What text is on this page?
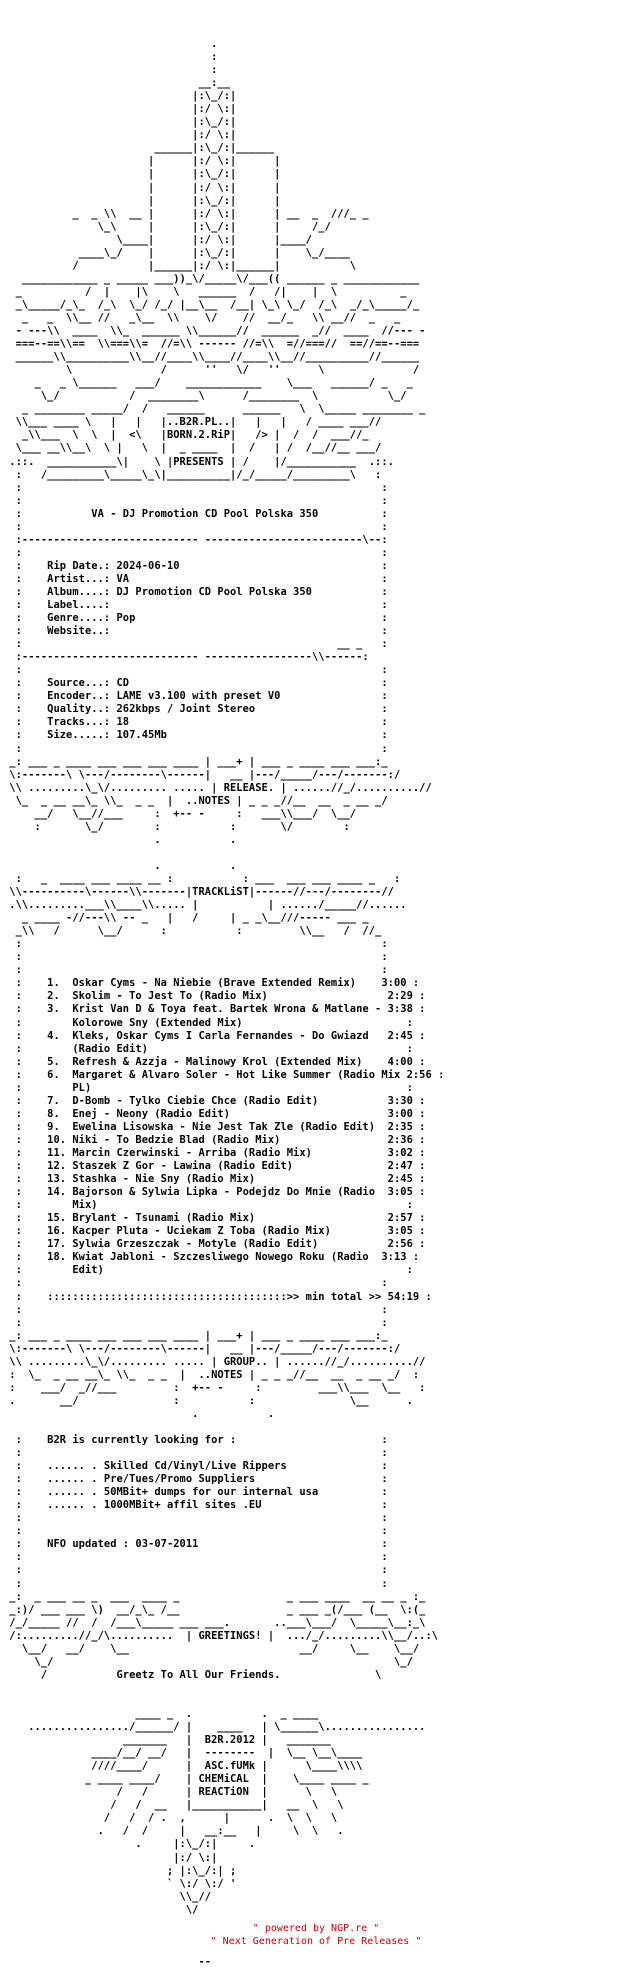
.
:
:
__:__
|:\_/:|
|:/ \:|
|:\_/:|
|:/ \:|
______|:\_/:|______
|      |:/ \:|      |
|      |:\_/:|      |
|      |:/ \:|      |
|      |:\_/:|      |
_  _ \\  __ |      |:/ \:|      | __  _  ///_ _
\_\     |      |:\_/:|      |     /_/
\____|      |:/ \:|      |____/
____\_/    |      |:\_/:|      |    \_/____
/           |______|:/ \:|______|           \
____________ _ _____ ___))_\/_____\/___(( ______ _ ____________
_          /  |    |\    \   ______  /   /|    |  \          _
_\_____/_\_  /_\  \_/ /_/ |__\__  /__| \_\ \_/  /_\  _/_\_____/_
_   _  \\__ //   _\__  \\    \/    //  __/_   \\ __//  _   _
- ---\\  ____  \\_  ______ \\______//  ______  _//  ____  //--- -
===--==\\==  \\===\\=  //=\\ ------ //=\\  =//===//  ==//==--===
______\\__________\\__//____\\____//____\\__//__________//______
\              /      ''   \/   ''      \              /
_   _ \______   ___/    ____________    \___   ______/ _   _
\_/           /  ________\      /________  \           \_/
_ ________ _____/  /   ______      ______   \  \_____ ________ _
\\___ ____ \   |   |   |..B2R.PL..|   |   |   / ____ ___//
_\\___  \  \  |  <\   |BORN.2.RiP|   /> |  /  /  ___//_
\___ __\\__\  \ |   \  |  _ ____  |  /   | /  /__//__ ___/
.::.  ___________\|    \ |PRESENTS | /    |/___________  .::.
:   /_________\_____\_\|__________|/_/_____/_________\   :
:                                                         :
:                                                         :
:           VA - DJ Promotion CD Pool Polska 350          :
:                                                         :
:---------------------------- -------------------------\--:
:                                                         :
:    Rip Date.: 2024-06-10                                :
:    Artist...: VA                                        :
:    Album....: DJ Promotion CD Pool Polska 350           :
:    Label....:                                           :
:    Genre....: Pop                                       :
:    Website..:                                           :
:                                                  __ _   :
:---------------------------- -----------------\\------:
:                                                         :
:    Source...: CD                                        :
:    Encoder..: LAME v3.100 with preset V0                :
:    Quality..: 262kbps / Joint Stereo                    :
:    Tracks...: 18                                        :
:    Size.....: 107.45Mb                                  :
:                                                         :
_: ___ _ ____ ___ ___ ___ ____ | ___+ | ___ _ ____ ___ ___:_
\:-------\ \---/--------\------|   __ |---/_____/---/-------:/
\\ .........\_\/......... ..... | RELEASE. | ......//_/..........//
\_  _ __ __\_ \\_  _ _  |  ..NOTES | _ _ _//__  __  _ __ _/
__/   \__//___     :  +-- -     :   ___\\___/  \__/
:       \_/        :           :       \/        :
.           .

.           .
:   _  ____ ___ ____ __ :           : ___  ___ ___ ____ _   :
\\----------\------\\-------|TRACKLiST|------//---/--------//
.\\.........___\\____\\..... |           | ....../_____//......
_ ____ -//---\\ -- _   |   /     | _ _\__///----- ___ _
_\\   /      \__/      :           :         \\__   /  //_
:                                                         :
:                                                         :
:                                                         :
:    1.  Oskar Cyms - Na Niebie (Brave Extended Remix)    3:00 :
:    2.  Skolim - To Jest To (Radio Mix)                   2:29 :
:    3.  Krist Van D & Toya feat. Bartek Wrona & Matlane - 3:38 :
:        Kolorowe Sny (Extended Mix)                          :
:    4.  Kleks, Oskar Cyms I Carla Fernandes - Do Gwiazd   2:45 :
:        (Radio Edit)                                         :
:    5.  Refresh & Azzja - Malinowy Krol (Extended Mix)    4:00 :
:    6.  Margaret & Alvaro Soler - Hot Like Summer (Radio Mix 2:56 :
:        PL)                                                  :
:    7.  D-Bomb - Tylko Ciebie Chce (Radio Edit)           3:30 :
:    8.  Enej - Neony (Radio Edit)                         3:00 :
:    9.  Ewelina Lisowska - Nie Jest Tak Zle (Radio Edit)  2:35 :
:    10. Niki - To Bedzie Blad (Radio Mix)                 2:36 :
:    11. Marcin Czerwinski - Arriba (Radio Mix)            3:02 :
:    12. Staszek Z Gor - Lawina (Radio Edit)               2:47 :
:    13. Stashka - Nie Sny (Radio Mix)                     2:45 :
:    14. Bajorson & Sylwia Lipka - Podejdz Do Mnie (Radio  3:05 :
:        Mix)                                                 :
:    15. Brylant - Tsunami (Radio Mix)                     2:57 :
:    16. Kacper Pluta - Uciekam Z Toba (Radio Mix)         3:05 :
:    17. Sylwia Grzeszczak - Motyle (Radio Edit)           2:56 :
:    18. Kwiat Jabloni - Szczesliwego Nowego Roku (Radio  3:13 :
:        Edit)                                                :
:                                                         :
:    ::::::::::::::::::::::::::::::::::::::>> min total >> 54:19 :
:                                                         :
:                                                         :
_: ___ _ ____ ___ ___ ___ ____ | ___+ | ___ _ ____ ___ ___:_
\:-------\ \---/--------\------|   __ |---/_____/---/-------:/
\\ .........\_\/......... ..... | GROUP.. | ......//_/..........//
:  \_  _ __ __\_ \\_  _ _  |  ..NOTES | _ _ _//__  __  _ __ _/  :
:    ___/  _//___         :  +-- -     :         ___\\___  \__   :
.       __/               :           :               \__      .
.           .

:    B2R is currently looking for :                       :
:                                                         :
:    ...... . Skilled Cd/Vinyl/Live Rippers               :
:    ...... . Pre/Tues/Promo Suppliers                    :
:    ...... . 50MBit+ dumps for our internal usa          :
:    ...... . 1000MBit+ affil sites .EU                   :
:                                                         :
:                                                         :
:    NFO updated : 03-07-2011                             :
:                                                         :
:                                                         :
:                                                         :
_:  _ ___ __ _  ___  ____ _                 _ ___ ____  __ __ _ :_
_:)/ ___ ___ \)  __/_\_ /__                 _ ___ _(/___ (__  \:(_
/_/_____ //  /  /___\_____ ___ ___.       ..___\___/  \_____\__:_\
/:.........//_/\..........  | GREETINGS! |  .../_/.........\\__/..:\
\__/   __/    \__                           __/     \__    \__/
\_/                                                      \_/
/           Greetz To All Our Friends.               \

____ _  .           .  _ ____
................/______/ |    ____   | \______\................
_______   |  B2R.2012 |   _______
____/__/ __/   |  --------  |  \__ \__\____
////____/      |  ASC.fUMk |      \____\\\\
_ ____ ____/    | CHEMiCAL  |    \____ ____ _
/   /      | REACTiON  |      \   \
/   /  __   |___________|   __  \   \
/   /  / .  ,      |      .  \  \   \
.   /  /     |   __:__   |     \  \   .
.     |:\_/:|     .
|:/ \:|
; |:\_/:| ;
` \:/ \:/ '
\\_//
\/

--

" powered by NGP.re "
" Next Generation of Pre Releases "
